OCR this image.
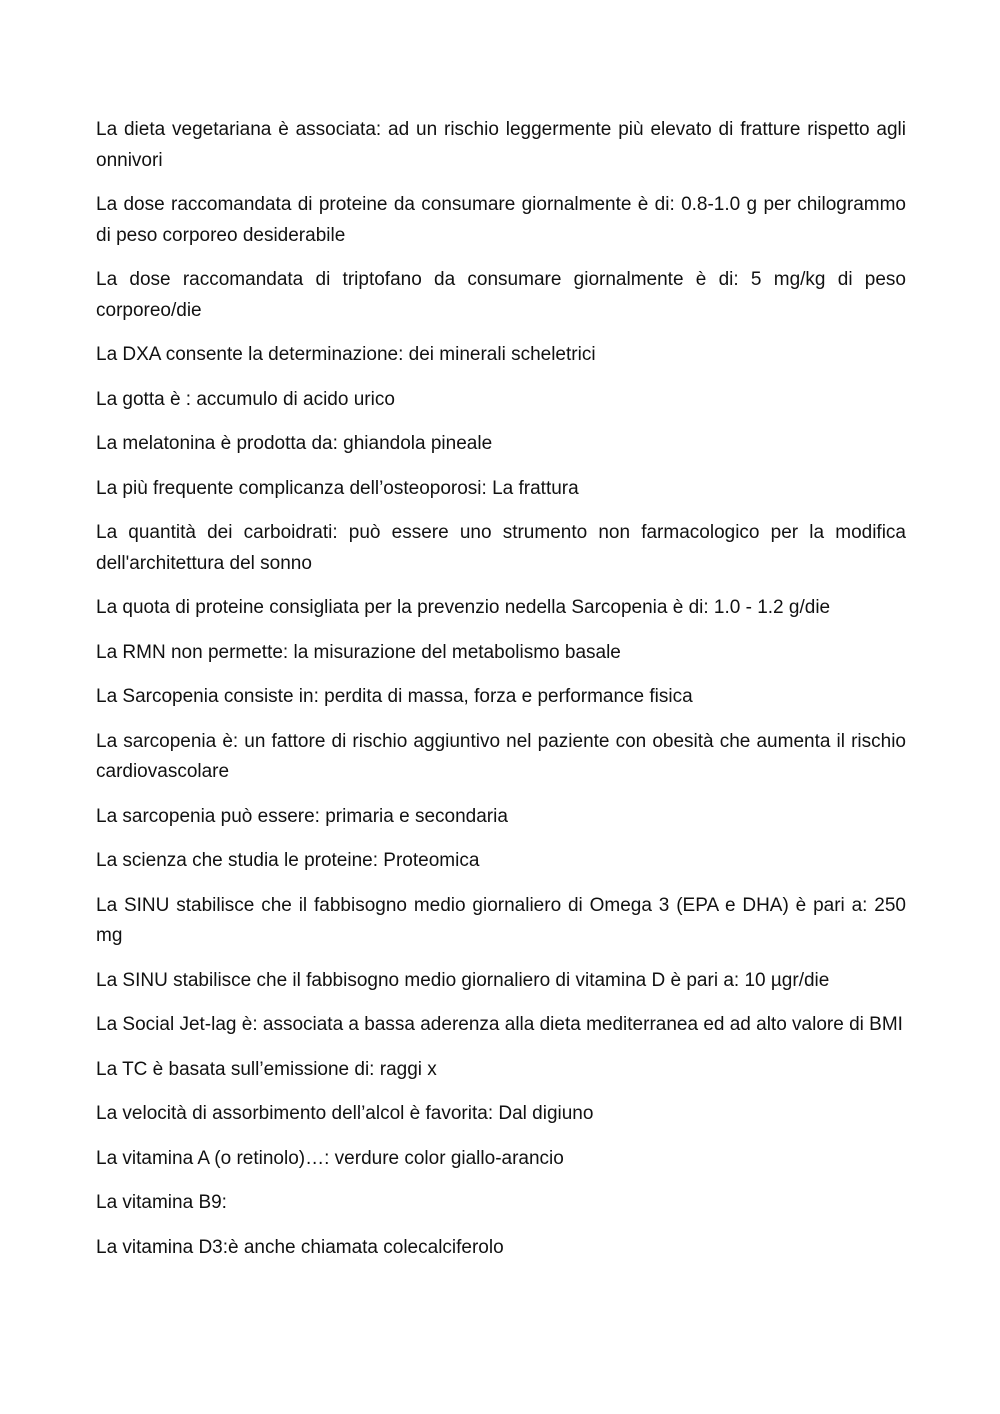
La dieta vegetariana è associata: ad un rischio leggermente più elevato di fratture rispetto agli onnivori

La dose raccomandata di proteine da consumare giornalmente è di: 0.8-1.0 g per chilogrammo di peso corporeo desiderabile

La dose raccomandata di triptofano da consumare giornalmente è di: 5 mg/kg di peso corporeo/die

La DXA consente la determinazione: dei minerali scheletrici

La gotta è : accumulo di acido urico

La melatonina è prodotta da: ghiandola pineale

La più frequente complicanza dell’osteoporosi: La frattura

La quantità dei carboidrati: può essere uno strumento non farmacologico per la modifica dell'architettura del sonno

La quota di proteine consigliata per la prevenzio nedella Sarcopenia è di: 1.0 - 1.2 g/die

La RMN non permette: la misurazione del metabolismo basale

La Sarcopenia consiste in: perdita di massa, forza e performance fisica

La sarcopenia è: un fattore di rischio aggiuntivo nel paziente con obesità che aumenta il rischio cardiovascolare

La sarcopenia può essere: primaria e secondaria

La scienza che studia le proteine: Proteomica

La SINU stabilisce che il fabbisogno medio giornaliero di Omega 3 (EPA e DHA) è pari a: 250 mg

La SINU stabilisce che il fabbisogno medio giornaliero di vitamina D è pari a: 10 µgr/die

La Social Jet-lag è: associata a bassa aderenza alla dieta mediterranea ed ad alto valore di BMI

La TC è basata sull’emissione di: raggi x

La velocità di assorbimento dell’alcol è favorita: Dal digiuno

La vitamina A (o retinolo)…: verdure color giallo-arancio

La vitamina B9:

La vitamina D3:è anche chiamata colecalciferolo
